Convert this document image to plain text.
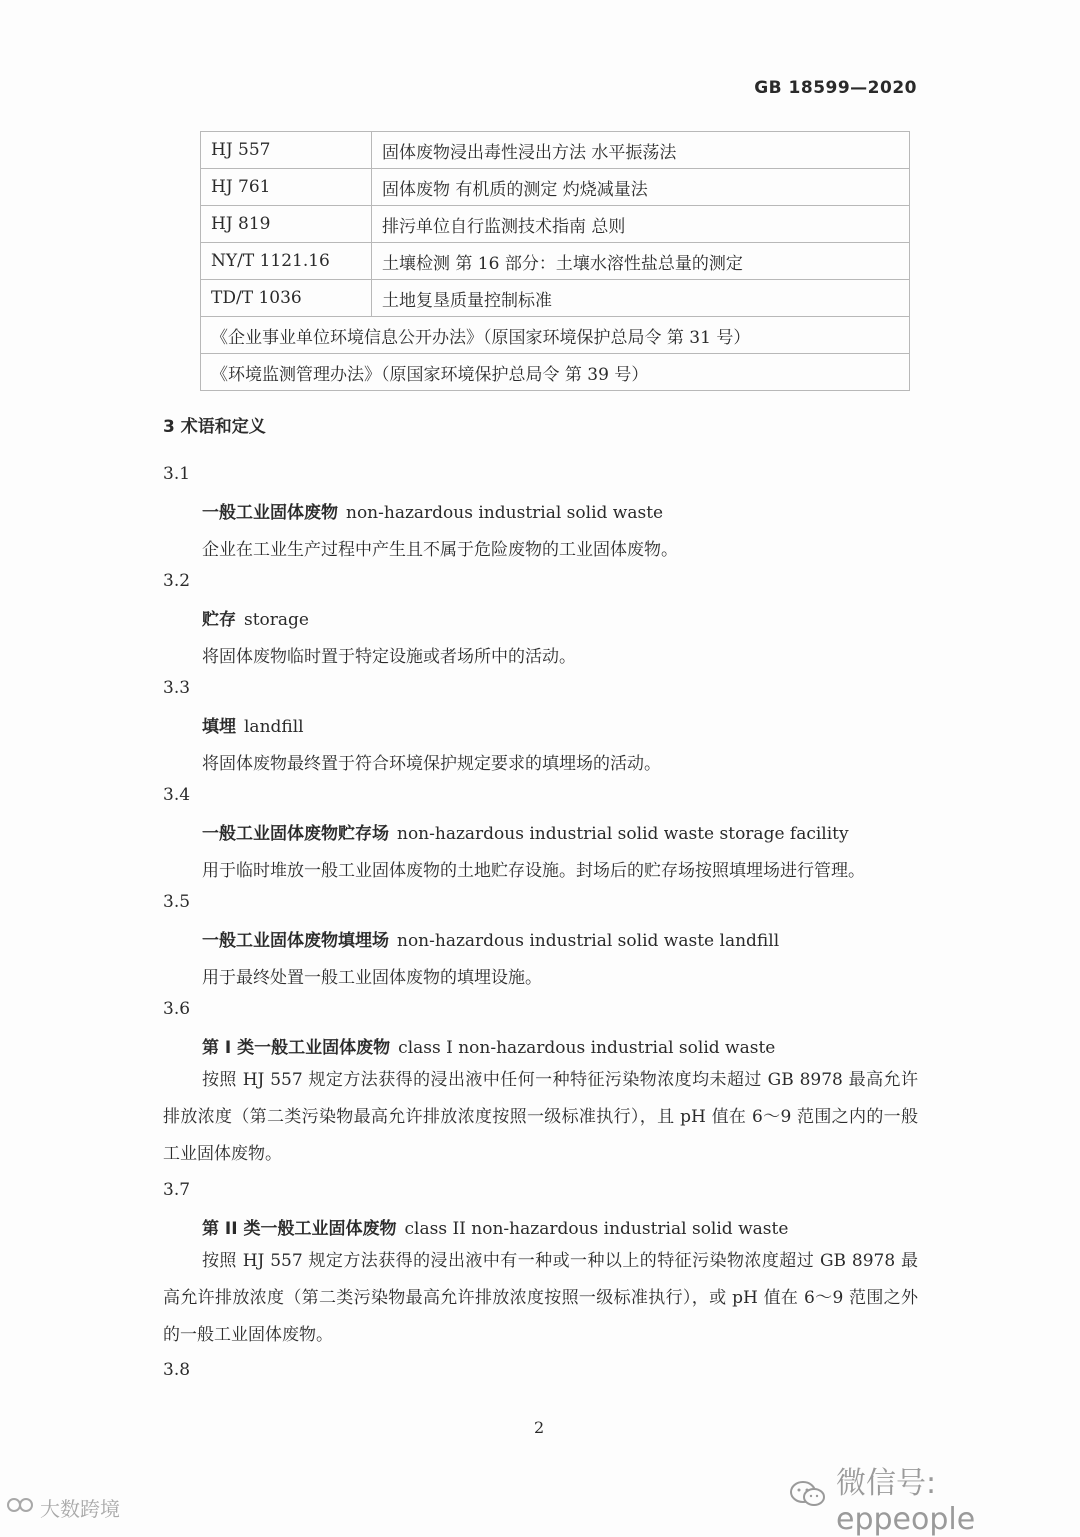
GB 18599—2020
HJ 557	固体废物浸出毒性浸出方法 水平振荡法
HJ 761	固体废物 有机质的测定 灼烧减量法
HJ 819	排污单位自行监测技术指南 总则
NY/T 1121.16	土壤检测 第 16 部分：土壤水溶性盐总量的测定
TD/T 1036	土地复垦质量控制标准
《企业事业单位环境信息公开办法》（原国家环境保护总局令 第 31 号）	
《环境监测管理办法》（原国家环境保护总局令 第 39 号）	
3 术语和定义
3.1
一般工业固体废物 non-hazardous industrial solid waste
企业在工业生产过程中产生且不属于危险废物的工业固体废物。
3.2
贮存 storage
将固体废物临时置于特定设施或者场所中的活动。
3.3
填埋 landfill
将固体废物最终置于符合环境保护规定要求的填埋场的活动。
3.4
一般工业固体废物贮存场 non-hazardous industrial solid waste storage facility
用于临时堆放一般工业固体废物的土地贮存设施。封场后的贮存场按照填埋场进行管理。
3.5
一般工业固体废物填埋场 non-hazardous industrial solid waste landfill
用于最终处置一般工业固体废物的填埋设施。
3.6
第 I 类一般工业固体废物 class I non-hazardous industrial solid waste
按照 HJ 557 规定方法获得的浸出液中任何一种特征污染物浓度均未超过 GB 8978 最高允许排放浓度（第二类污染物最高允许排放浓度按照一级标准执行），且 pH 值在 6～9 范围之内的一般工业固体废物。
3.7
第 II 类一般工业固体废物 class II non-hazardous industrial solid waste
按照 HJ 557 规定方法获得的浸出液中有一种或一种以上的特征污染物浓度超过 GB 8978 最高允许排放浓度（第二类污染物最高允许排放浓度按照一级标准执行），或 pH 值在 6～9 范围之外的一般工业固体废物。
3.8
2
微信号: eppeople
大数跨境
